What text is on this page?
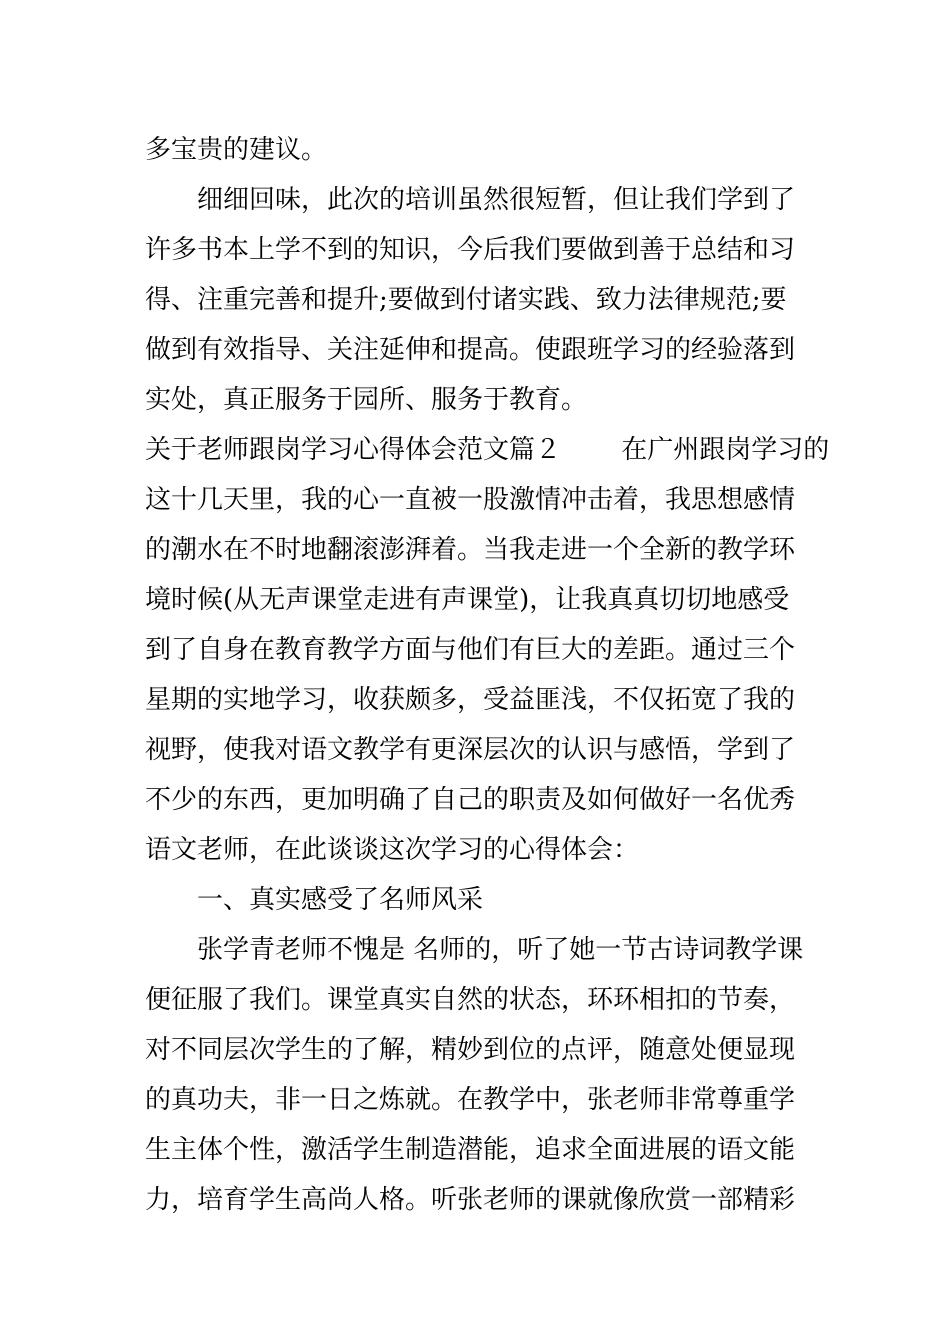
多宝贵的建议。
细细回味，此次的培训虽然很短暂，但让我们学到了
许多书本上学不到的知识，今后我们要做到善于总结和习
得、注重完善和提升;要做到付诸实践、致力法律规范;要
做到有效指导、关注延伸和提高。使跟班学习的经验落到
实处，真正服务于园所、服务于教育。
关于老师跟岗学习心得体会范文篇２ 　　在广州跟岗学习的
这十几天里，我的心一直被一股激情冲击着，我思想感情
的潮水在不时地翻滚澎湃着。当我走进一个全新的教学环
境时候(从无声课堂走进有声课堂)，让我真真切切地感受
到了自身在教育教学方面与他们有巨大的差距。通过三个
星期的实地学习，收获颇多，受益匪浅，不仅拓宽了我的
视野，使我对语文教学有更深层次的认识与感悟，学到了
不少的东西，更加明确了自己的职责及如何做好一名优秀
语文老师，在此谈谈这次学习的心得体会：
一、真实感受了名师风采
张学青老师不愧是 名师的，听了她一节古诗词教学课
便征服了我们。课堂真实自然的状态，环环相扣的节奏，
对不同层次学生的了解，精妙到位的点评，随意处便显现
的真功夫，非一日之炼就。在教学中，张老师非常尊重学
生主体个性，激活学生制造潜能，追求全面进展的语文能
力，培育学生高尚人格。听张老师的课就像欣赏一部精彩
